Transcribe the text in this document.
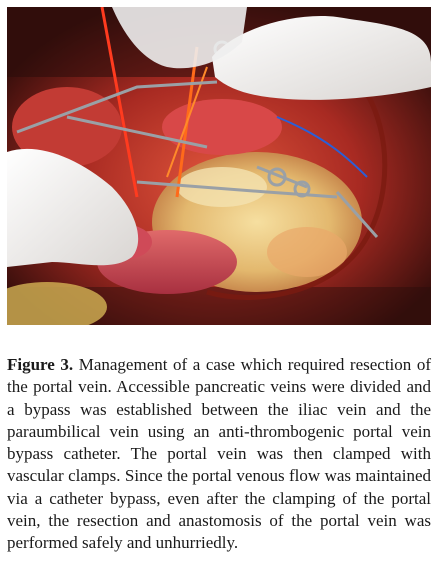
Figure 3. Management of a case which required resection of the portal vein. Accessible pancreatic veins were divided and a bypass was established between the iliac vein and the paraumbilical vein using an anti-thrombogenic portal vein bypass catheter. The portal vein was then clamped with vascular clamps. Since the portal venous flow was maintained via a catheter bypass, even after the clamping of the portal vein, the resection and anastomosis of the portal vein was performed safely and unhurriedly.
